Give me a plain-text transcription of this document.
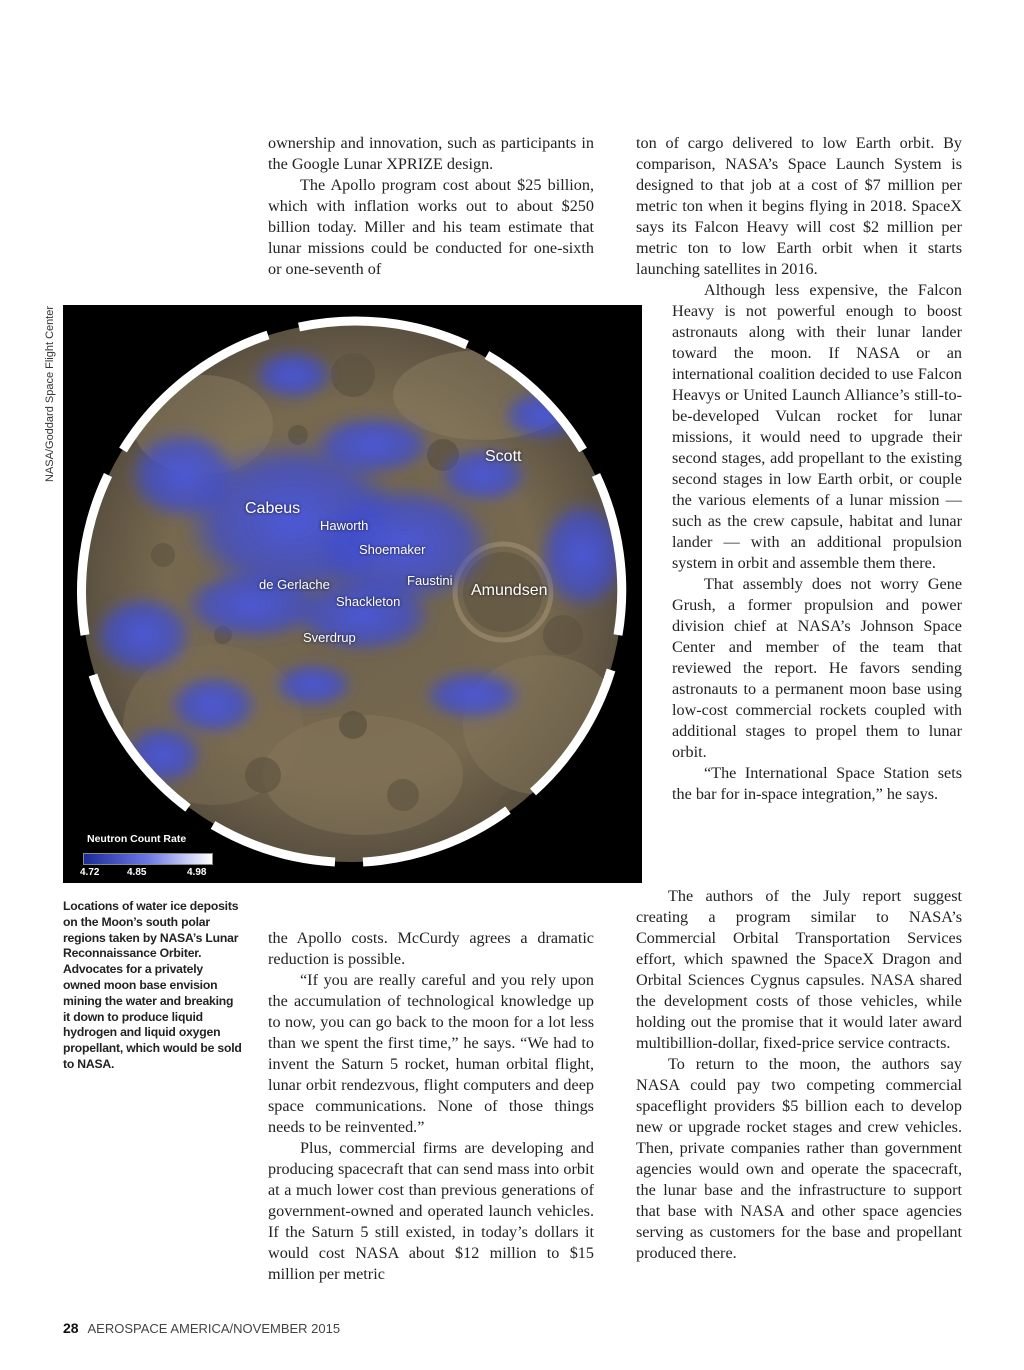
ownership and innovation, such as participants in the Google Lunar XPRIZE design.

The Apollo program cost about $25 billion, which with inflation works out to about $250 billion today. Miller and his team estimate that lunar missions could be conducted for one-sixth or one-seventh of

NASA/Goddard Space Flight Center	Scott
Cabeus
Haworth
Shoemaker
Faustini
Amundsen
de Gerlache
Shackleton
Sverdrup
Neutron Count Rate
4.72	4.85	4.98
Locations of water ice deposits on the Moon’s south polar regions taken by NASA’s Lunar Reconnaissance Orbiter. Advocates for a privately owned moon base envision mining the water and breaking it down to produce liquid hydrogen and liquid oxygen propellant, which would be sold to NASA.

the Apollo costs. McCurdy agrees a dramatic reduction is possible.

“If you are really careful and you rely upon the accumulation of technological knowledge up to now, you can go back to the moon for a lot less than we spent the first time,” he says. “We had to invent the Saturn 5 rocket, human orbital flight, lunar orbit rendezvous, flight computers and deep space communications. None of those things needs to be reinvented.”

Plus, commercial firms are developing and producing spacecraft that can send mass into orbit at a much lower cost than previous generations of government-owned and operated launch vehicles. If the Saturn 5 still existed, in today’s dollars it would cost NASA about $12 million to $15 million per metric

ton of cargo delivered to low Earth orbit. By comparison, NASA’s Space Launch System is designed to that job at a cost of $7 million per metric ton when it begins flying in 2018. SpaceX says its Falcon Heavy will cost $2 million per metric ton to low Earth orbit when it starts launching satellites in 2016.

Although less expensive, the Falcon Heavy is not powerful enough to boost astronauts along with their lunar lander toward the moon. If NASA or an international coalition decided to use Falcon Heavys or United Launch Alliance’s still-to-be-developed Vulcan rocket for lunar missions, it would need to upgrade their second stages, add propellant to the existing second stages in low Earth orbit, or couple the various elements of a lunar mission — such as the crew capsule, habitat and lunar lander — with an additional propulsion system in orbit and assemble them there.

That assembly does not worry Gene Grush, a former propulsion and power division chief at NASA’s Johnson Space Center and member of the team that reviewed the report. He favors sending astronauts to a permanent moon base using low-cost commercial rockets coupled with additional stages to propel them to lunar orbit.

“The International Space Station sets the bar for in-space integration,” he says.

The authors of the July report suggest creating a program similar to NASA’s Commercial Orbital Transportation Services effort, which spawned the SpaceX Dragon and Orbital Sciences Cygnus capsules. NASA shared the development costs of those vehicles, while holding out the promise that it would later award multibillion-dollar, fixed-price service contracts.

To return to the moon, the authors say NASA could pay two competing commercial spaceflight providers $5 billion each to develop new or upgrade rocket stages and crew vehicles. Then, private companies rather than government agencies would own and operate the spacecraft, the lunar base and the infrastructure to support that base with NASA and other space agencies serving as customers for the base and propellant produced there.

28 AEROSPACE AMERICA/NOVEMBER 2015
